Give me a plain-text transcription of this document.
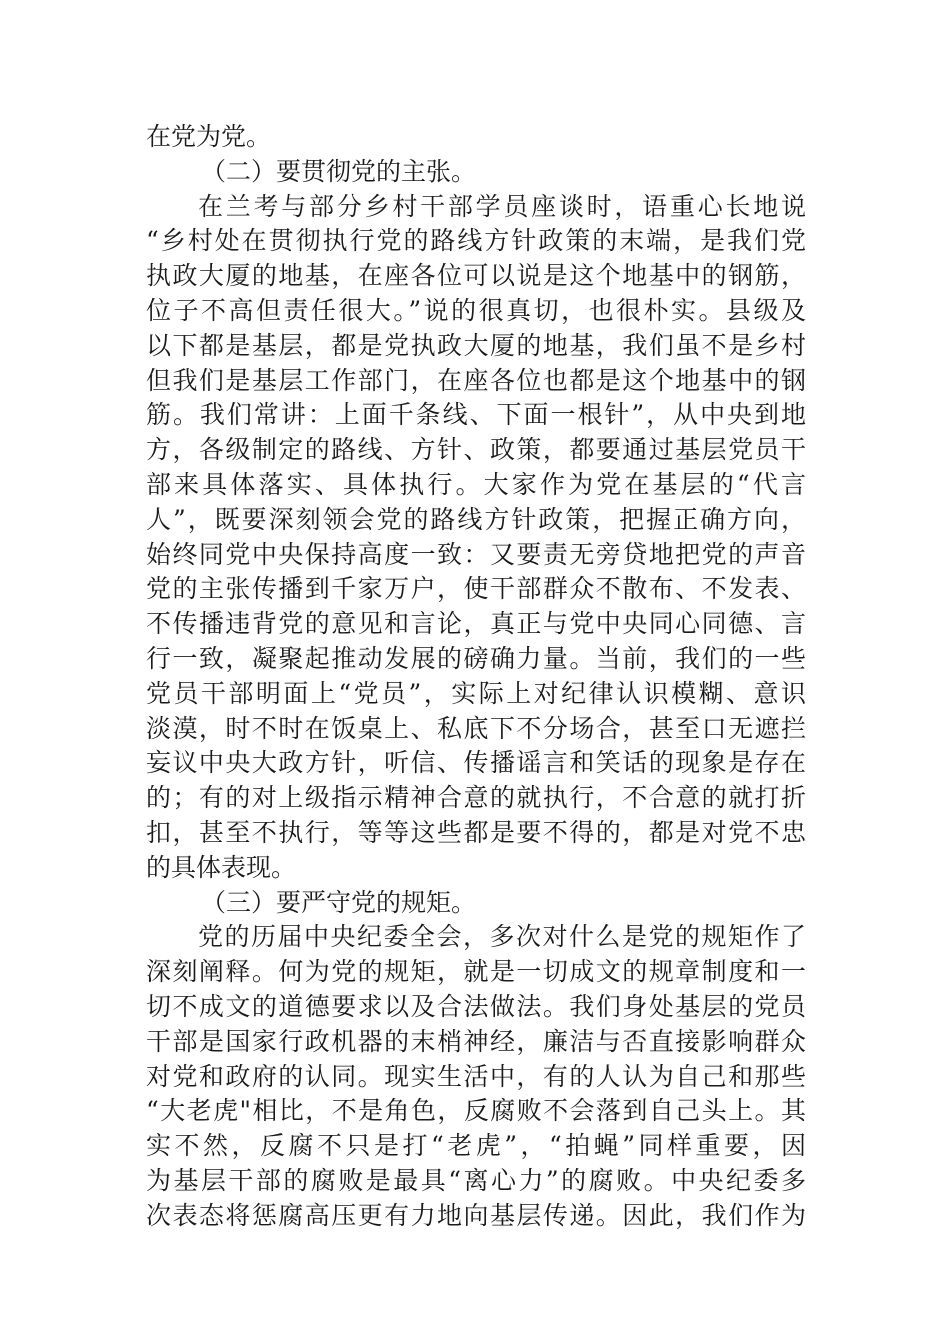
在党为党。
（二）要贯彻党的主张。
在兰考与部分乡村干部学员座谈时，语重心长地说
“乡村处在贯彻执行党的路线方针政策的末端，是我们党
执政大厦的地基，在座各位可以说是这个地基中的钢筋，
位子不高但责任很大。”说的很真切，也很朴实。县级及
以下都是基层，都是党执政大厦的地基，我们虽不是乡村
但我们是基层工作部门，在座各位也都是这个地基中的钢
筋。我们常讲：上面千条线、下面一根针”，从中央到地
方，各级制定的路线、方针、政策，都要通过基层党员干
部来具体落实、具体执行。大家作为党在基层的“代言
人”，既要深刻领会党的路线方针政策，把握正确方向，
始终同党中央保持高度一致：又要责无旁贷地把党的声音
党的主张传播到千家万户，使干部群众不散布、不发表、
不传播违背党的意见和言论，真正与党中央同心同德、言
行一致，凝聚起推动发展的磅确力量。当前，我们的一些
党员干部明面上“党员”，实际上对纪律认识模糊、意识
淡漠，时不时在饭桌上、私底下不分场合，甚至口无遮拦
妄议中央大政方针，听信、传播谣言和笑话的现象是存在
的；有的对上级指示精神合意的就执行，不合意的就打折
扣，甚至不执行，等等这些都是要不得的，都是对党不忠
的具体表现。
（三）要严守党的规矩。
党的历届中央纪委全会，多次对什么是党的规矩作了
深刻阐释。何为党的规矩，就是一切成文的规章制度和一
切不成文的道德要求以及合法做法。我们身处基层的党员
干部是国家行政机器的末梢神经，廉洁与否直接影响群众
对党和政府的认同。现实生活中，有的人认为自己和那些
“大老虎"相比，不是角色，反腐败不会落到自己头上。其
实不然，反腐不只是打“老虎”，“拍蝇”同样重要，因
为基层干部的腐败是最具“离心力”的腐败。中央纪委多
次表态将惩腐高压更有力地向基层传递。因此，我们作为
